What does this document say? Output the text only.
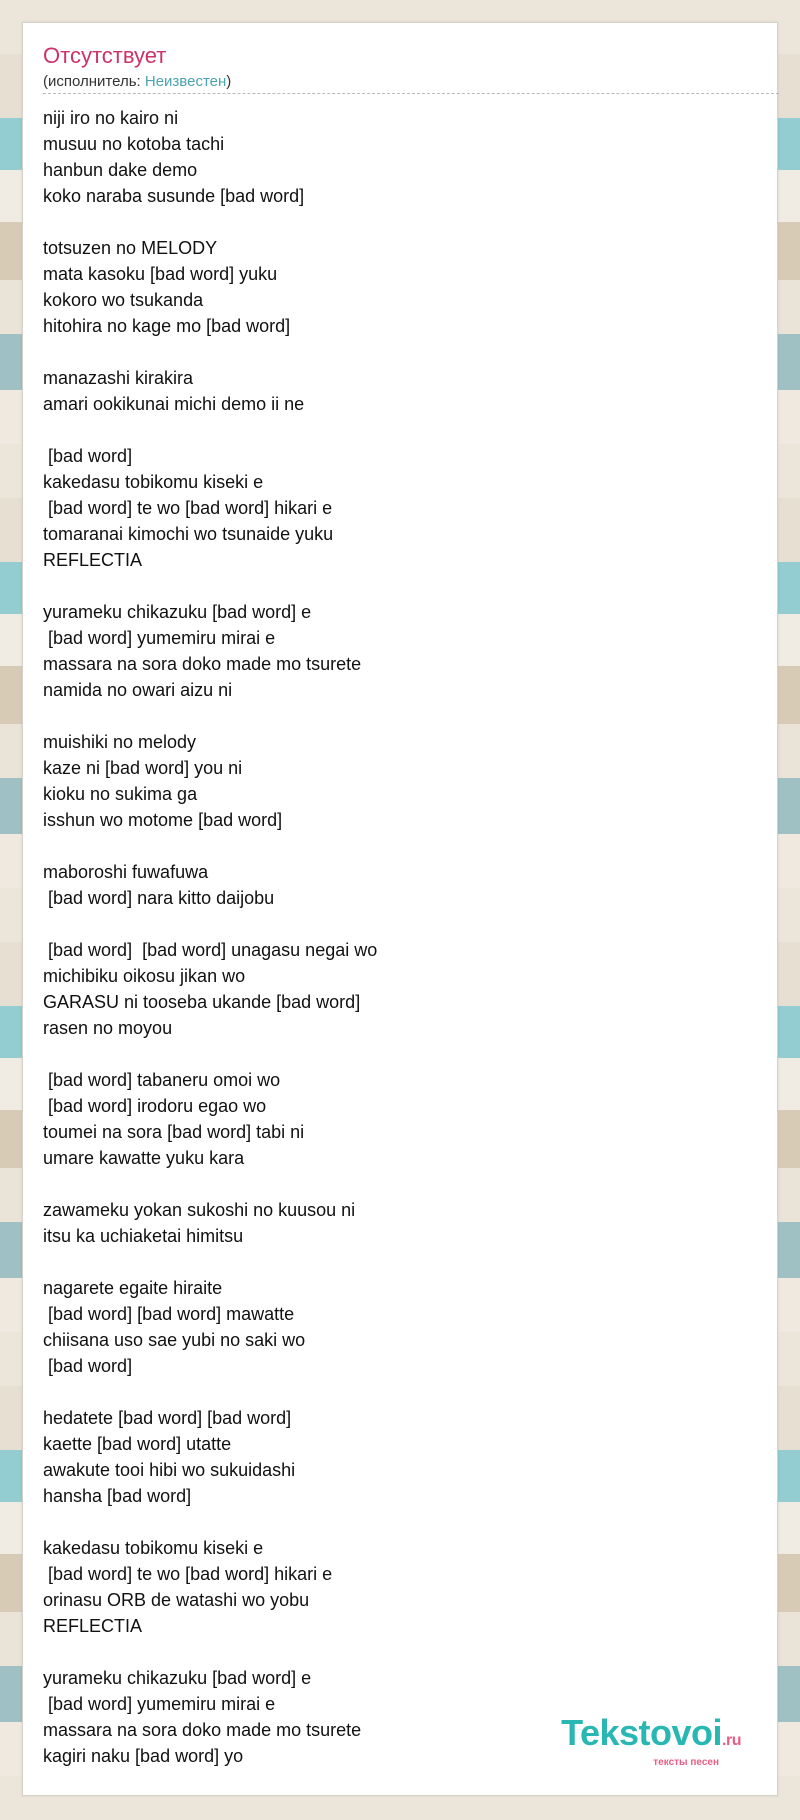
Отсутствует
(исполнитель: Неизвестен)
niji iro no kairo ni
musuu no kotoba tachi
hanbun dake demo
koko naraba susunde [bad word]

totsuzen no MELODY
mata kasoku [bad word] yuku
kokoro wo tsukanda
hitohira no kage mo [bad word]

manazashi kirakira
amari ookikunai michi demo ii ne

[bad word]
kakedasu tobikomu kiseki e
[bad word] te wo [bad word] hikari e
tomaranai kimochi wo tsunaide yuku
REFLECTIA

yurameku chikazuku [bad word] e
[bad word] yumemiru mirai e
massara na sora doko made mo tsurete
namida no owari aizu ni

muishiki no melody
kaze ni [bad word] you ni
kioku no sukima ga
isshun wo motome [bad word]

maboroshi fuwafuwa
[bad word] nara kitto daijobu

[bad word]  [bad word] unagasu negai wo
michibiku oikosu jikan wo
GARASU ni tooseba ukande [bad word]
rasen no moyou

[bad word] tabaneru omoi wo
[bad word] irodoru egao wo
toumei na sora [bad word] tabi ni
umare kawatte yuku kara

zawameku yokan sukoshi no kuusou ni
itsu ka uchiaketai himitsu

nagarete egaite hiraite
[bad word] [bad word] mawatte
chiisana uso sae yubi no saki wo
[bad word]

hedatete [bad word] [bad word]
kaette [bad word] utatte
awakute tooi hibi wo sukuidashi
hansha [bad word]

kakedasu tobikomu kiseki e
[bad word] te wo [bad word] hikari e
orinasu ORB de watashi wo yobu
REFLECTIA

yurameku chikazuku [bad word] e
[bad word] yumemiru mirai e
massara na sora doko made mo tsurete
kagiri naku [bad word] yo
Tekstovoi.ru
тексты песен
